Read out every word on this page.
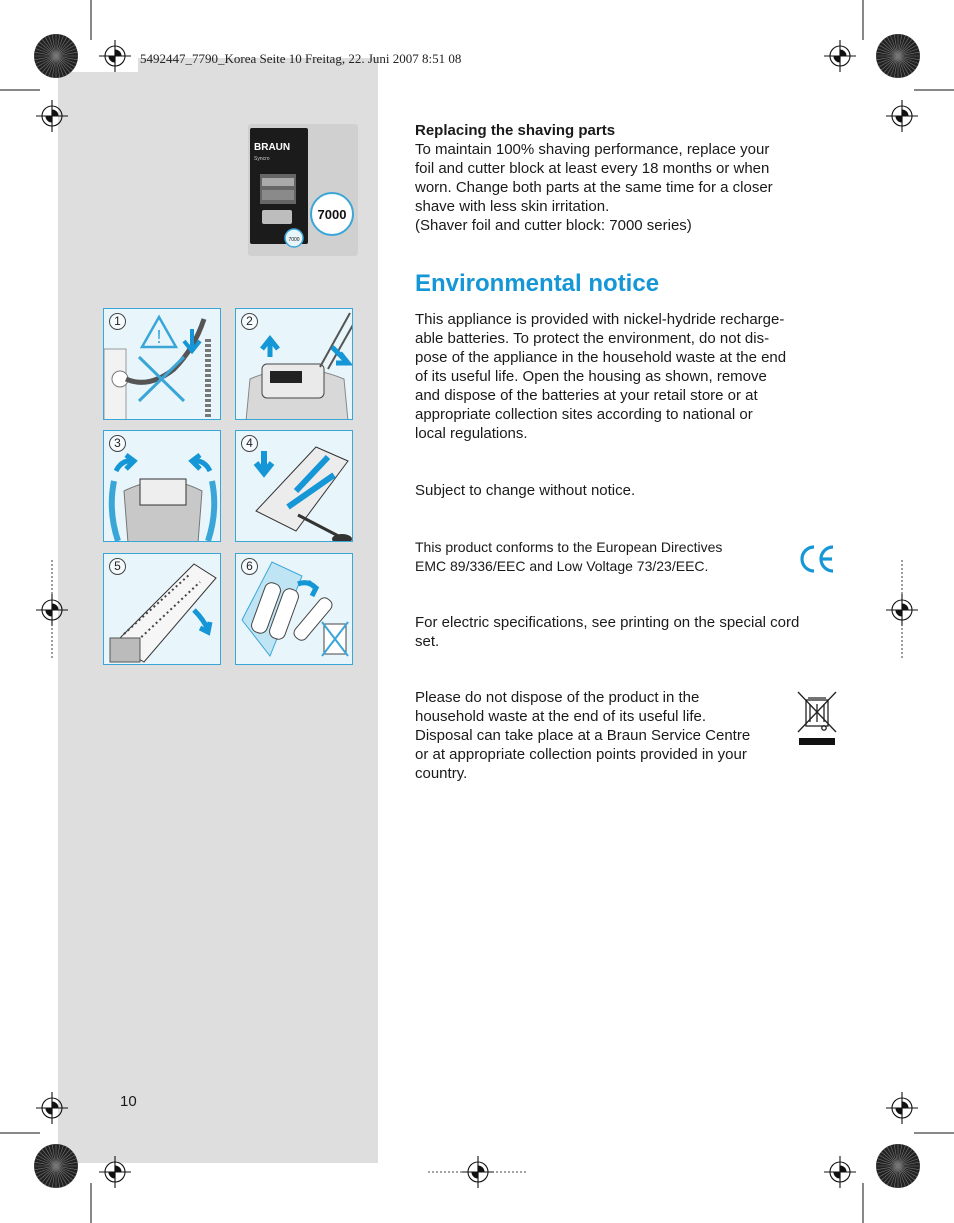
5492447_7790_Korea Seite 10 Freitag, 22. Juni 2007 8:51 08
BRAUN
Syncro
7000
7000
!
1	2
3	4
5	6
Replacing the shaving parts
To maintain 100% shaving performance, replace your
foil and cutter block at least every 18 months or when
worn. Change both parts at the same time for a closer
shave with less skin irritation.
(Shaver foil and cutter block: 7000 series)
Environmental notice
This appliance is provided with nickel-hydride recharge-
able batteries. To protect the environment, do not dis-
pose of the appliance in the household waste at the end
of its useful life. Open the housing as shown, remove
and dispose of the batteries at your retail store or at
appropriate collection sites according to national or
local regulations.
Subject to change without notice.
This product conforms to the European Directives
EMC 89/336/EEC and Low Voltage 73/23/EEC.
For electric specifications, see printing on the special cord
set.
Please do not dispose of the product in the
household waste at the end of its useful life.
Disposal can take place at a Braun Service Centre
or at appropriate collection points provided in your
country.
10
